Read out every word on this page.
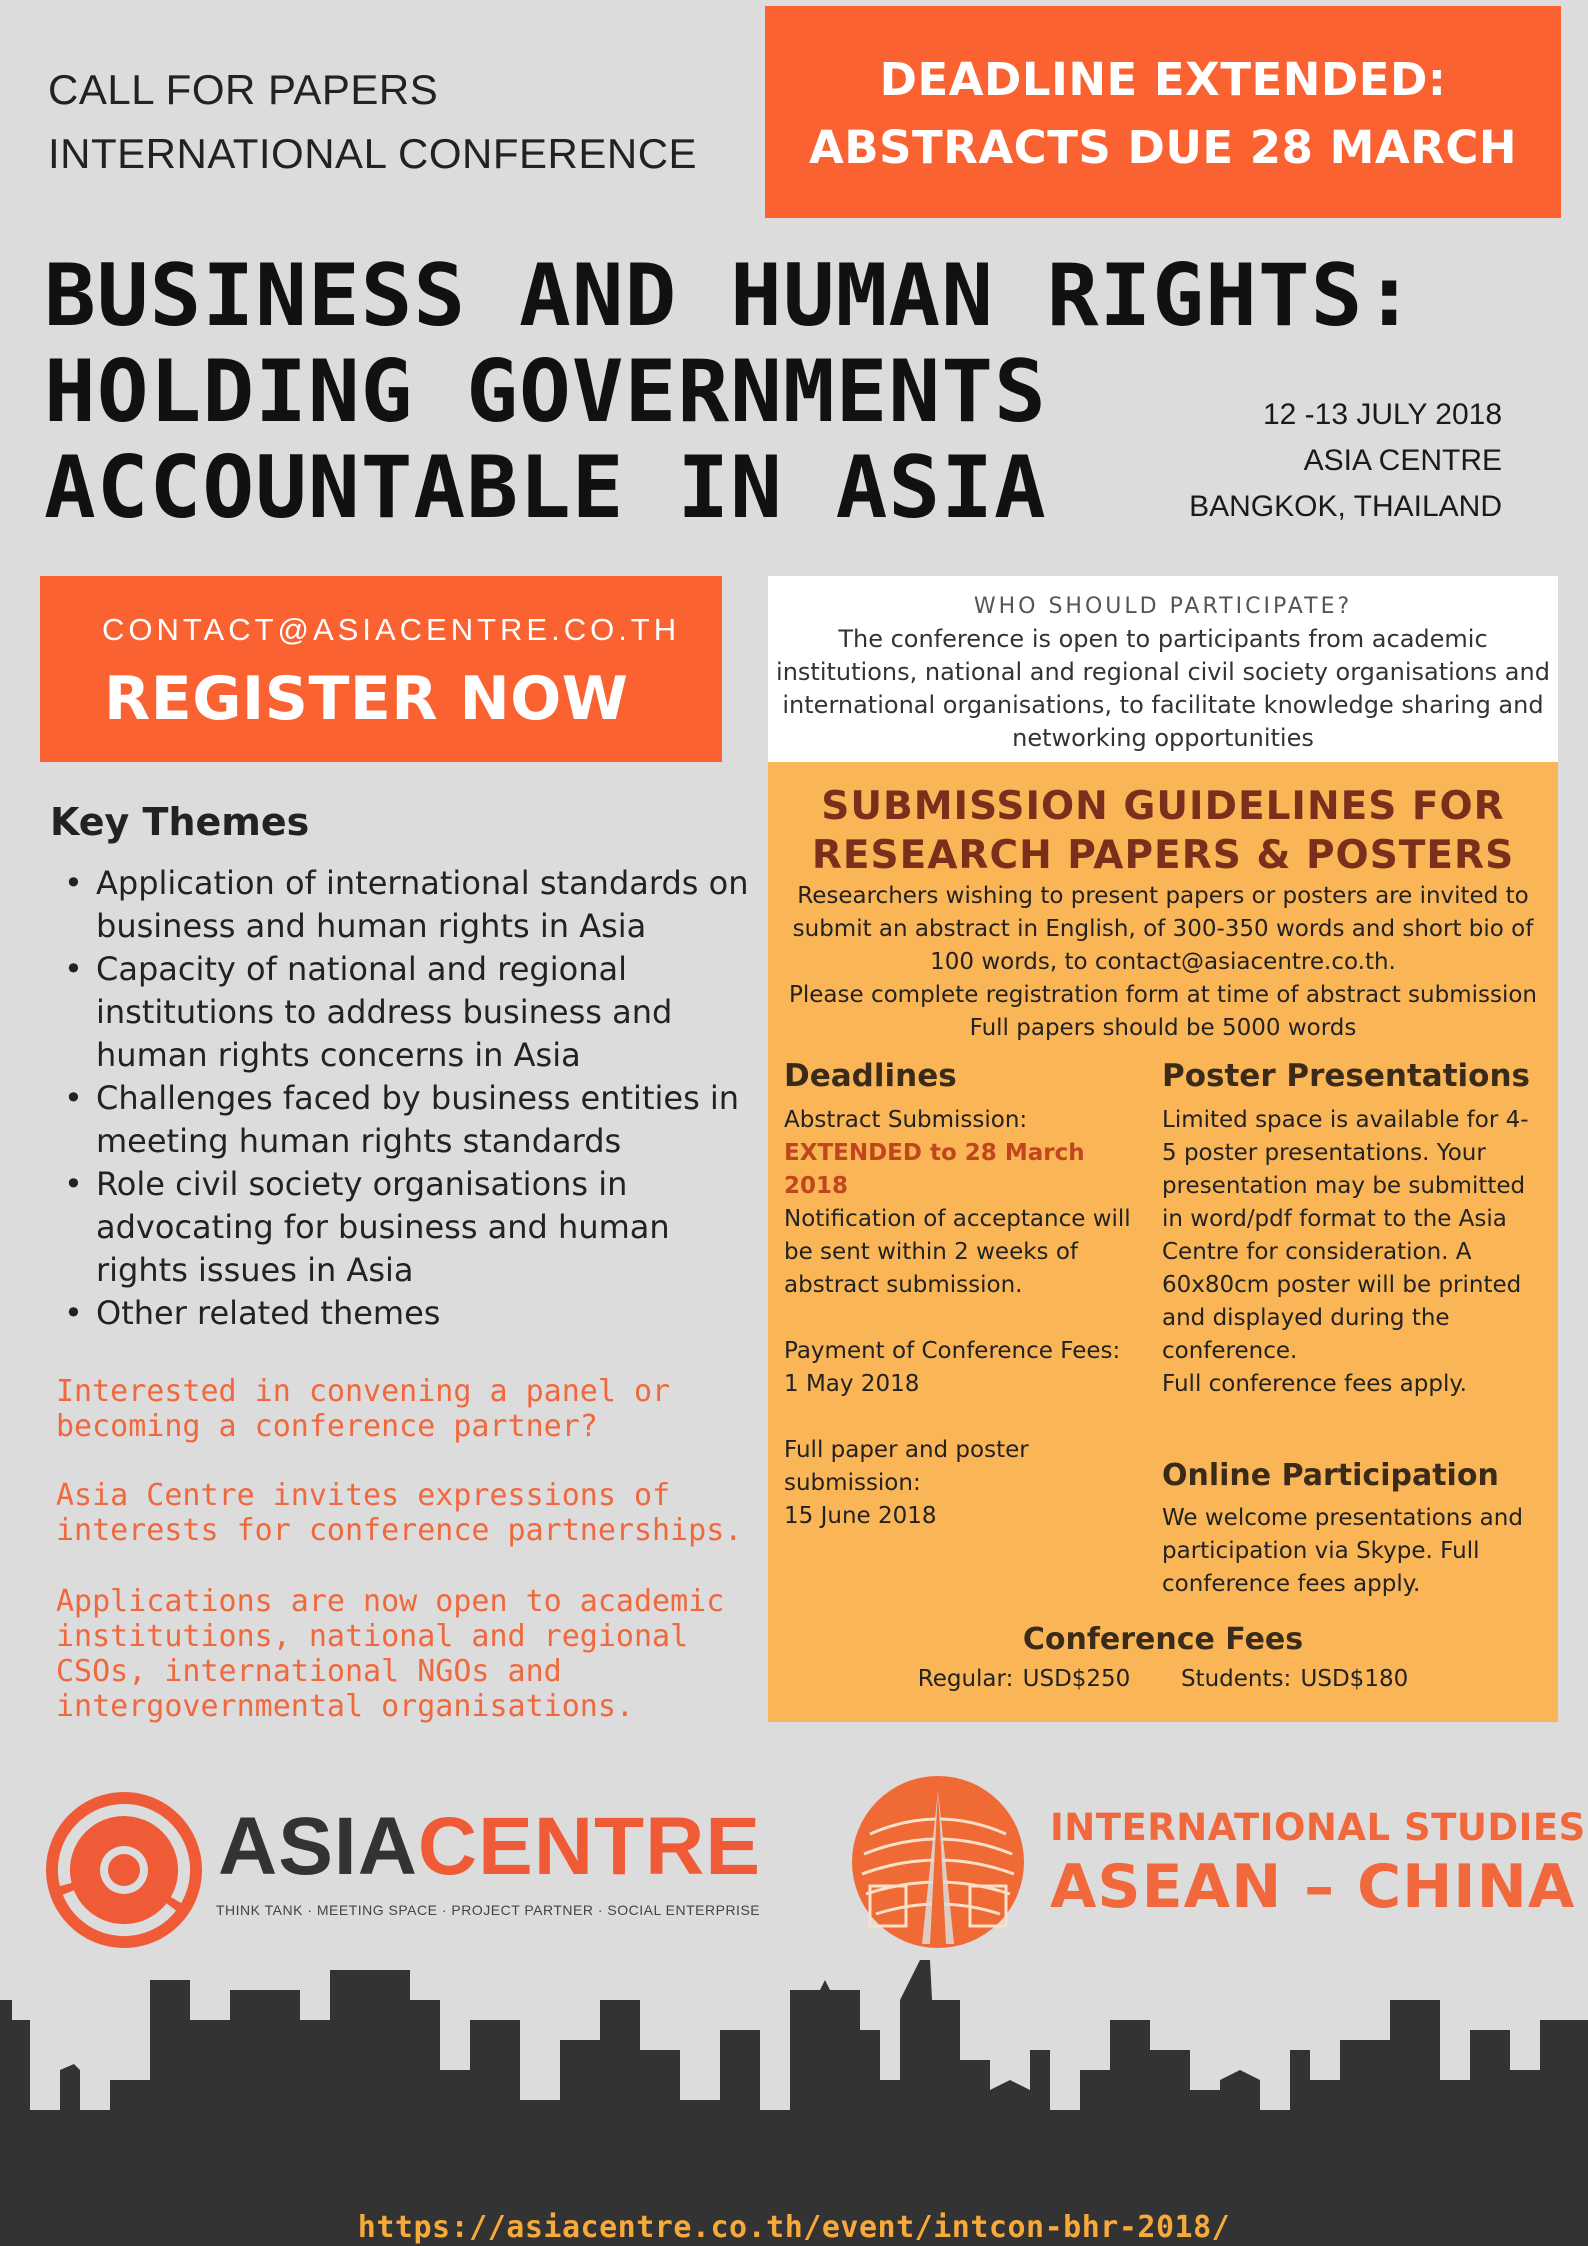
CALL FOR PAPERS
INTERNATIONAL CONFERENCE
DEADLINE EXTENDED:
ABSTRACTS DUE 28 MARCH
BUSINESS AND HUMAN RIGHTS:
HOLDING GOVERNMENTS
ACCOUNTABLE IN ASIA
12 -13 JULY 2018
ASIA CENTRE
BANGKOK, THAILAND
CONTACT@ASIACENTRE.CO.TH
REGISTER NOW
WHO SHOULD PARTICIPATE?
The conference is open to participants from academic institutions, national and regional civil society organisations and international organisations, to facilitate knowledge sharing and networking opportunities
Key Themes
• Application of international standards on business and human rights in Asia
• Capacity of national and regional institutions to address business and human rights concerns in Asia
• Challenges faced by business entities in meeting human rights standards
• Role civil society organisations in advocating for business and human rights issues in Asia
• Other related themes
Interested in convening a panel or becoming a conference partner?
Asia Centre invites expressions of interests for conference partnerships.
Applications are now open to academic institutions, national and regional CSOs, international NGOs and intergovernmental organisations.
SUBMISSION GUIDELINES FOR
RESEARCH PAPERS & POSTERS
Researchers wishing to present papers or posters are invited to submit an abstract in English, of 300-350 words and short bio of 100 words, to contact@asiacentre.co.th.
Please complete registration form at time of abstract submission
Full papers should be 5000 words
Deadlines
Abstract Submission:
EXTENDED to 28 March 2018
Notification of acceptance will be sent within 2 weeks of abstract submission.

Payment of Conference Fees:
1 May 2018

Full paper and poster submission:
15 June 2018
Poster Presentations
Limited space is available for 4-5 poster presentations. Your presentation may be submitted in word/pdf format to the Asia Centre for consideration. A 60x80cm poster will be printed and displayed during the conference.
Full conference fees apply.
Online Participation
We welcome presentations and participation via Skype. Full conference fees apply.
Conference Fees
Regular: USD$250 Students: USD$180
ASIACENTRE
THINK TANK · MEETING SPACE · PROJECT PARTNER · SOCIAL ENTERPRISE
INTERNATIONAL STUDIES
ASEAN – CHINA
https://asiacentre.co.th/event/intcon-bhr-2018/
